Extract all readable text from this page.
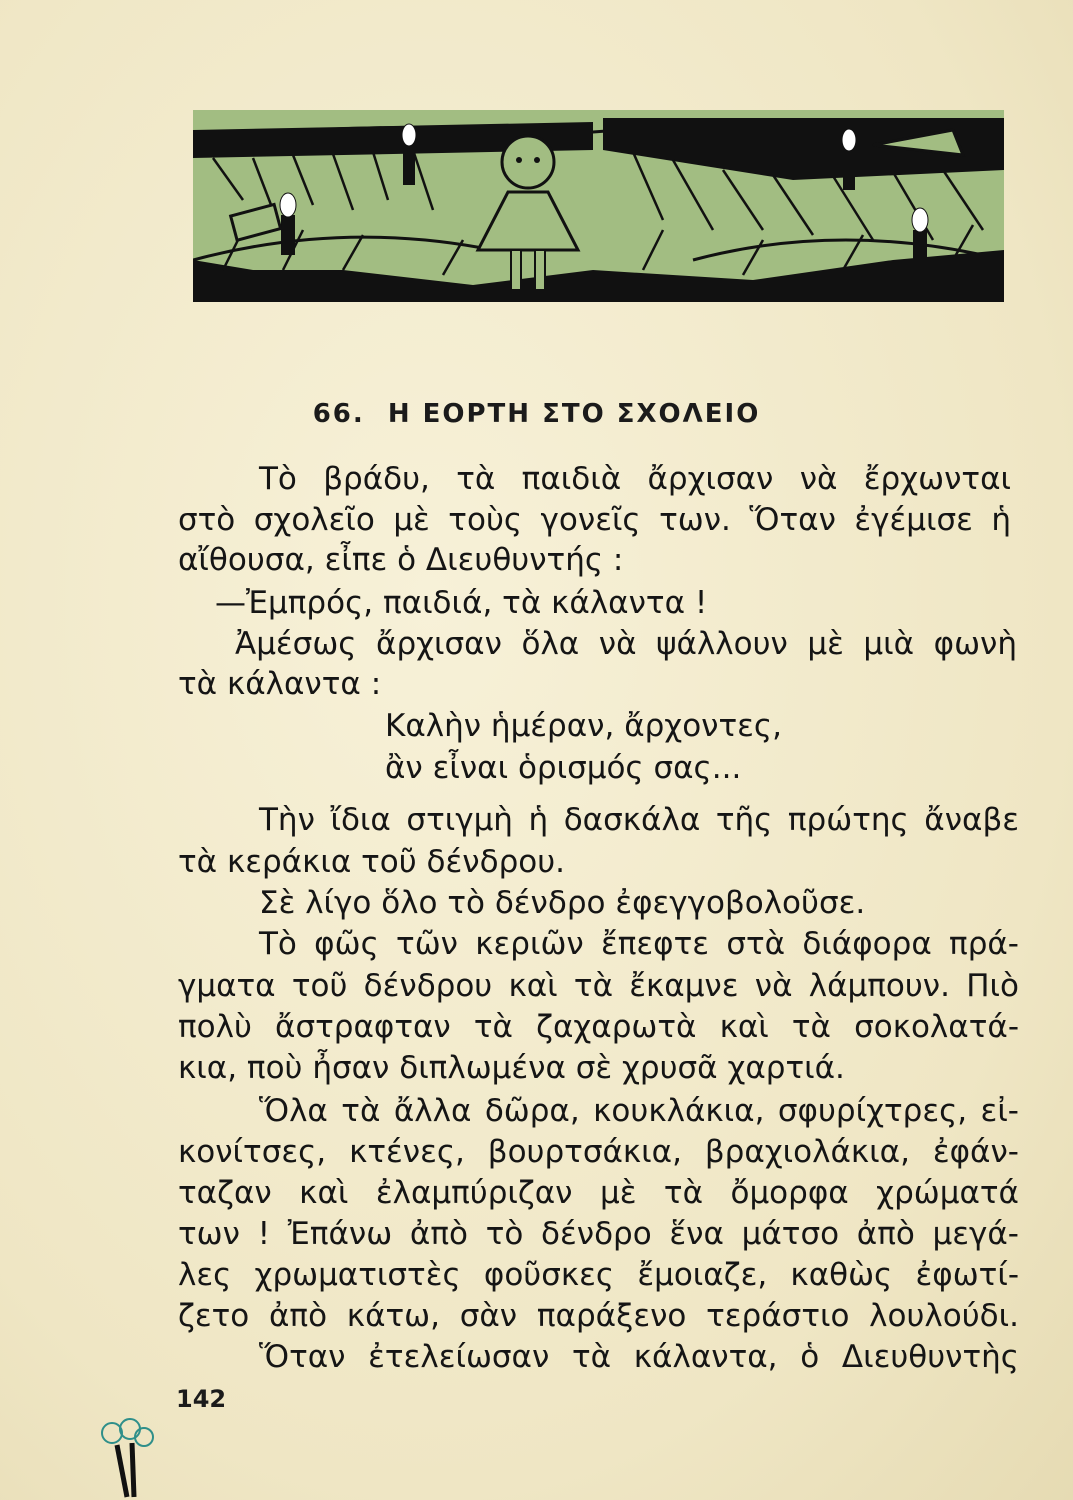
66. Η ΕΟΡΤΗ ΣΤΟ ΣΧΟΛΕΙΟ
Τὸ βράδυ, τὰ παιδιὰ ἄρχισαν νὰ ἔρχωνται
στὸ σχολεῖο μὲ τοὺς γονεῖς των. Ὅταν ἐγέμισε ἡ
αἴθουσα, εἶπε ὁ Διευθυντής :
—Ἐμπρός, παιδιά, τὰ κάλαντα !
Ἀμέσως ἄρχισαν ὅλα νὰ ψάλλουν μὲ μιὰ φωνὴ
τὰ κάλαντα :
Καλὴν ἡμέραν, ἄρχοντες,
ἂν εἶναι ὁρισμός σας...
Τὴν ἴδια στιγμὴ ἡ δασκάλα τῆς πρώτης ἄναβε
τὰ κεράκια τοῦ δένδρου.
Σὲ λίγο ὅλο τὸ δένδρο ἐφεγγοβολοῦσε.
Τὸ φῶς τῶν κεριῶν ἔπεφτε στὰ διάφορα πρά-
γματα τοῦ δένδρου καὶ τὰ ἔκαμνε νὰ λάμπουν. Πιὸ
πολὺ ἄστραφταν τὰ ζαχαρωτὰ καὶ τὰ σοκολατά-
κια, ποὺ ἦσαν διπλωμένα σὲ χρυσᾶ χαρτιά.
Ὅλα τὰ ἄλλα δῶρα, κουκλάκια, σφυρίχτρες, εἰ-
κονίτσες, κτένες, βουρτσάκια, βραχιολάκια, ἐφάν-
ταζαν καὶ ἐλαμπύριζαν μὲ τὰ ὄμορφα χρώματά
των ! Ἐπάνω ἀπὸ τὸ δένδρο ἕνα μάτσο ἀπὸ μεγά-
λες χρωματιστὲς φοῦσκες ἔμοιαζε, καθὼς ἐφωτί-
ζετο ἀπὸ κάτω, σὰν παράξενο τεράστιο λουλούδι.
Ὅταν ἐτελείωσαν τὰ κάλαντα, ὁ Διευθυντὴς
142
